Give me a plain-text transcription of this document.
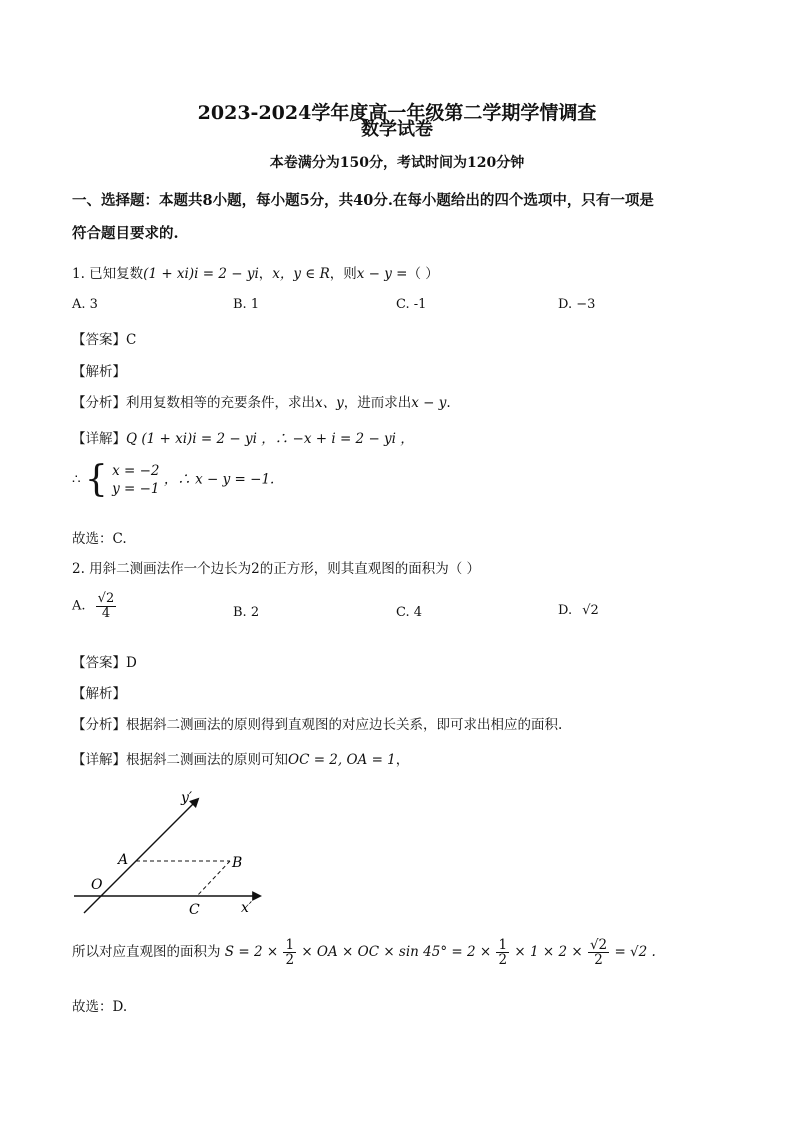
2023-2024学年度高一年级第二学期学情调查
数学试卷
本卷满分为150分，考试时间为120分钟
一、选择题：本题共8小题，每小题5分，共40分.在每小题给出的四个选项中，只有一项是
符合题目要求的.
1. 已知复数(1 + xi)i = 2 − yi，x，y ∈ R，则x − y =（ ）
A. 3	B. 1	C. -1	D. −3
【答案】C
【解析】
【分析】利用复数相等的充要条件，求出x、y，进而求出x − y.
【详解】Q (1 + xi)i = 2 − yi ，∴ −x + i = 2 − yi ，
∴ { x = −2
y = −1
，∴ x − y = −1.
故选：C.
2. 用斜二测画法作一个边长为2的正方形，则其直观图的面积为（ ）
A. $\frac{√2}{4}$	B. 2	C. 4	D. √2
【答案】D
【解析】
【分析】根据斜二测画法的原则得到直观图的对应边长关系，即可求出相应的面积.
【详解】根据斜二测画法的原则可知OC = 2, OA = 1，
y′
x′
O
A	B
C
所以对应直观图的面积为 $S = 2 \times \frac{1}{2}$ × OA × OC × $\sin 45^\circ = 2 \times \frac{1}{2} \times 1 \times 2 \times \frac{√2}{2} = √2$ .
故选：D.
